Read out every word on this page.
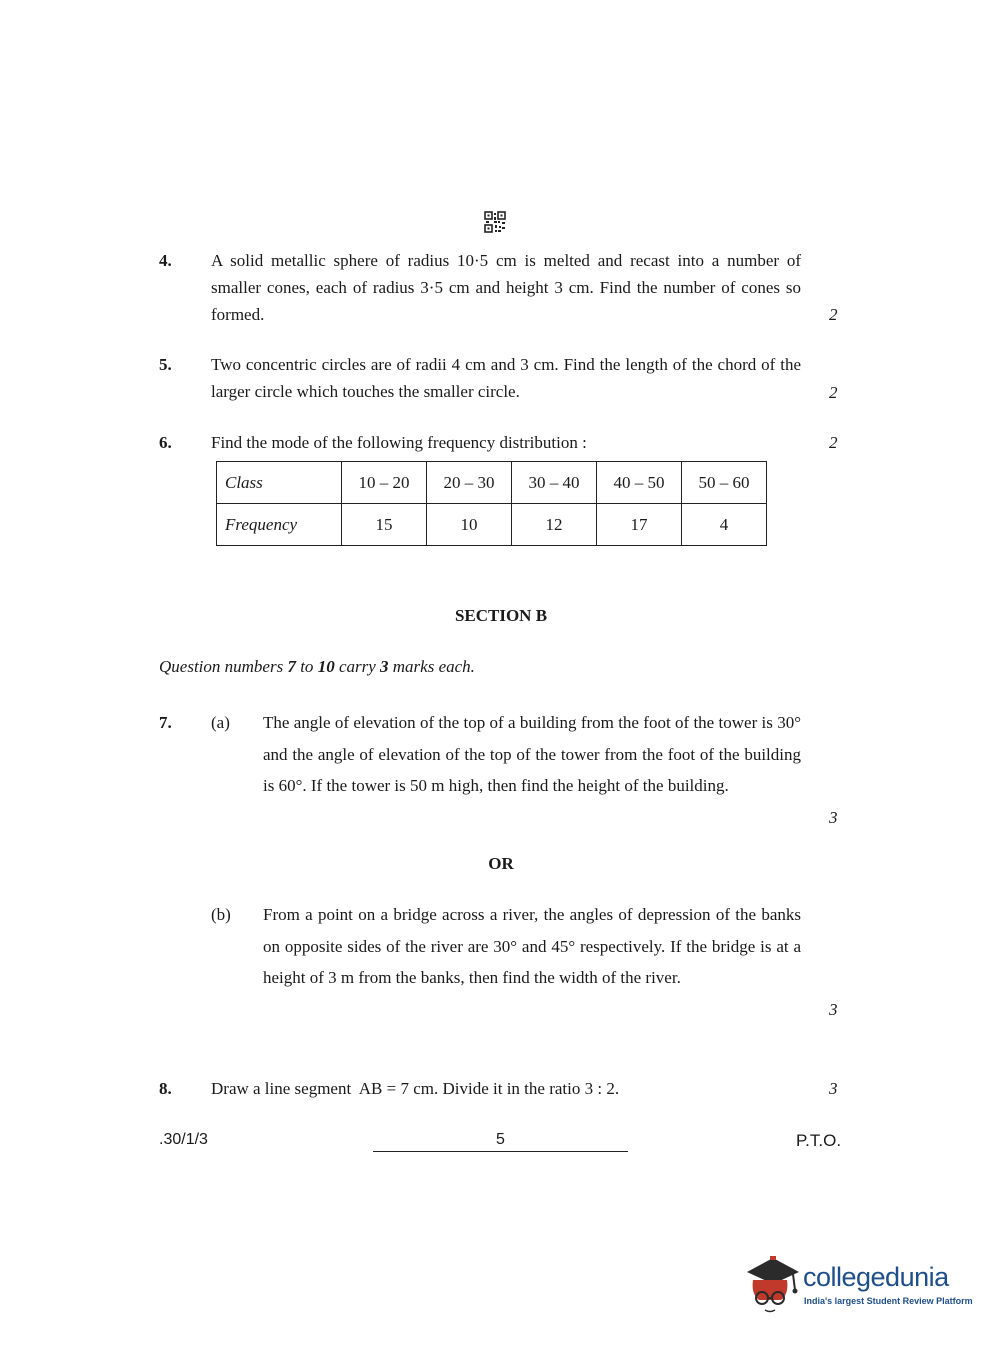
4. A solid metallic sphere of radius 10·5 cm is melted and recast into a number of smaller cones, each of radius 3·5 cm and height 3 cm. Find the number of cones so formed.	2
5. Two concentric circles are of radii 4 cm and 3 cm. Find the length of the chord of the larger circle which touches the smaller circle.	2
6. Find the mode of the following frequency distribution :	2
Class	10 – 20	20 – 30	30 – 40	40 – 50	50 – 60
Frequency	15	10	12	17	4
SECTION B
Question numbers 7 to 10 carry 3 marks each.
7. (a) The angle of elevation of the top of a building from the foot of the tower is 30° and the angle of elevation of the top of the tower from the foot of the building is 60°. If the tower is 50 m high, then find the height of the building.
3
OR
(b) From a point on a bridge across a river, the angles of depression of the banks on opposite sides of the river are 30° and 45° respectively. If the bridge is at a height of 3 m from the banks, then find the width of the river.
3
8. Draw a line segment  AB = 7 cm. Divide it in the ratio 3 : 2.	3
.30/1/3	5	P.T.O.
collegedunia
India's largest Student Review Platform
